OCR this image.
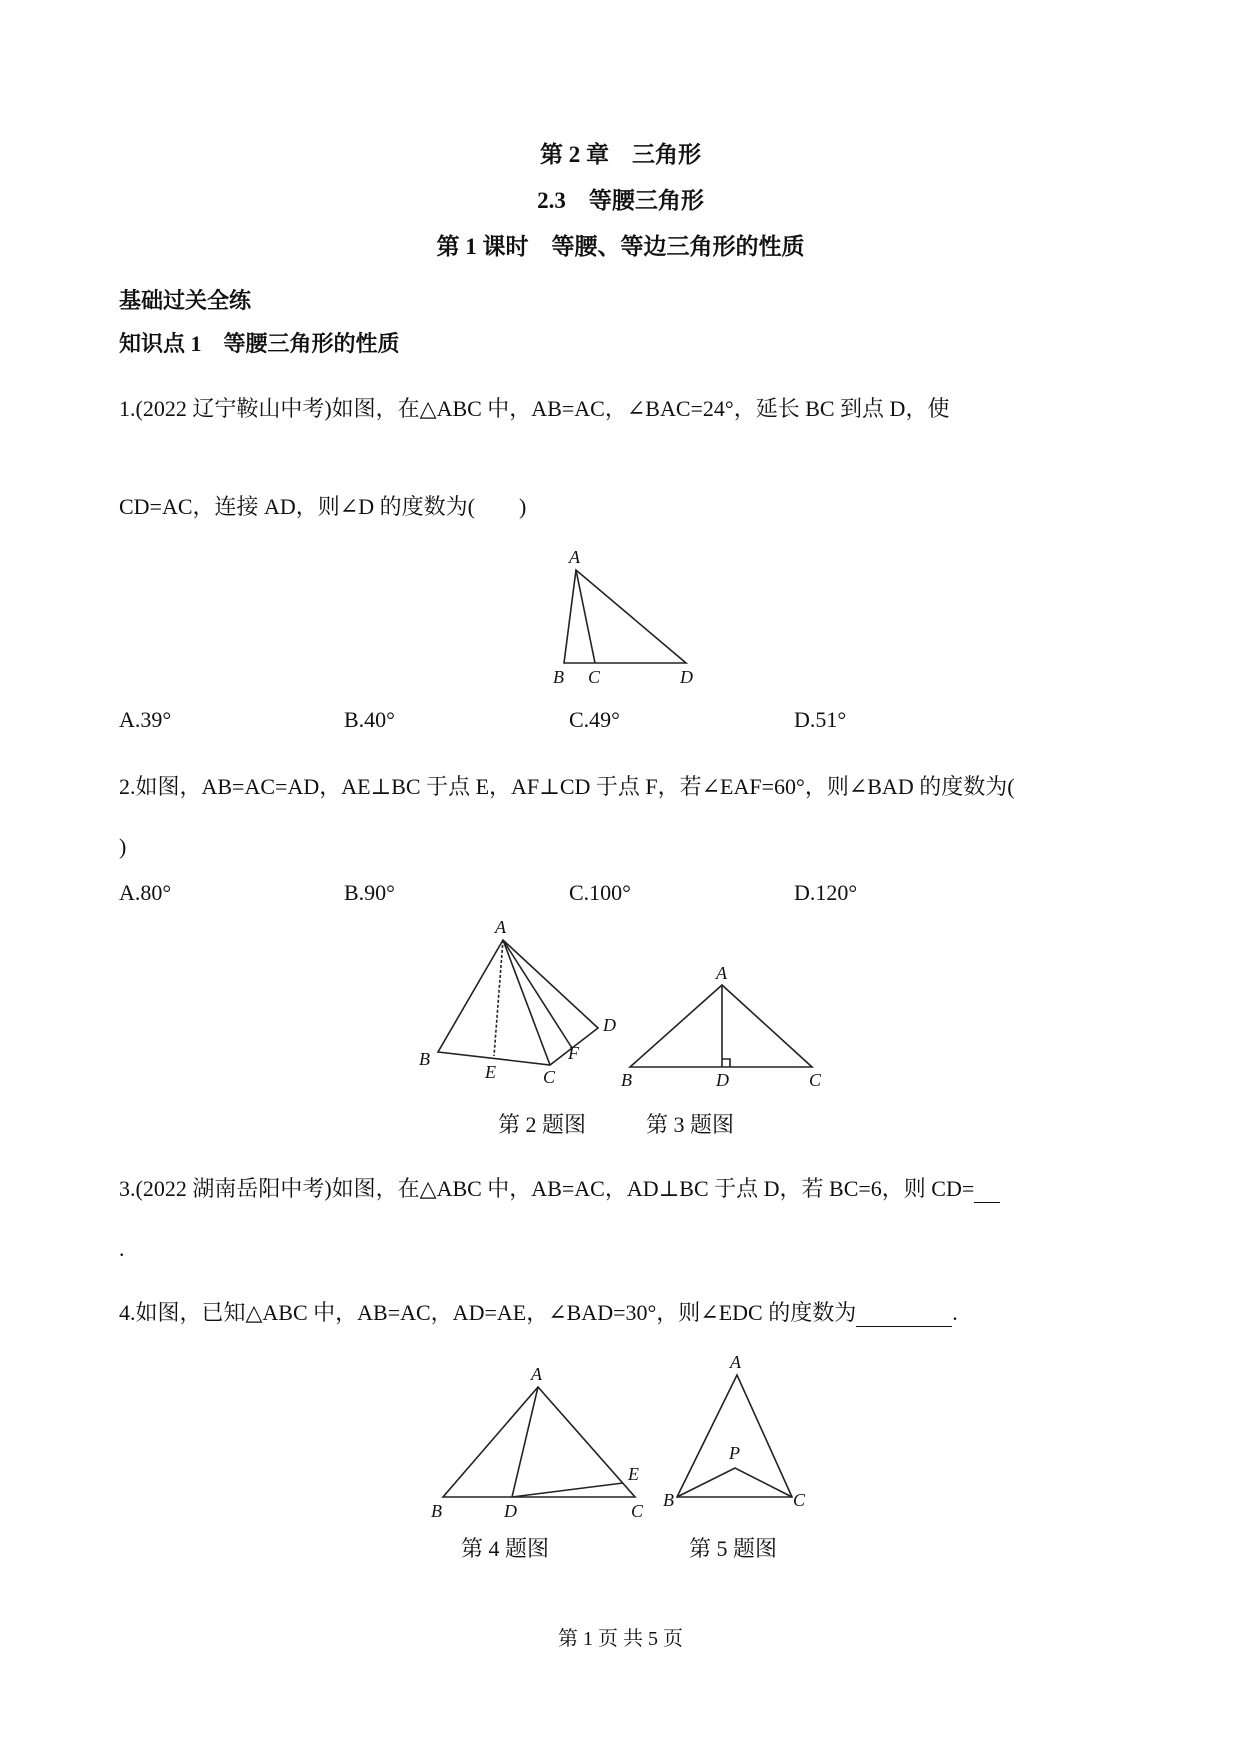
第 2 章　三角形
2.3　等腰三角形
第 1 课时　等腰、等边三角形的性质
基础过关全练
知识点 1　等腰三角形的性质
1.(2022 辽宁鞍山中考)如图，在△ABC 中，AB=AC，∠BAC=24°，延长 BC 到点 D，使
CD=AC，连接 AD，则∠D 的度数为(　　)
A
B C	D
A.39°	B.40°	C.49°	D.51°
2.如图，AB=AC=AD，AE⊥BC 于点 E，AF⊥CD 于点 F，若∠EAF=60°，则∠BAD 的度数为(
)
A.80°	B.90°	C.100°	D.120°
A
B
E	C
F
D
A
B	D	C
第 2 题图	第 3 题图
3.(2022 湖南岳阳中考)如图，在△ABC 中，AB=AC，AD⊥BC 于点 D，若 BC=6，则 CD=
.
4.如图，已知△ABC 中，AB=AC，AD=AE，∠BAD=30°，则∠EDC 的度数为	.
A
B	D
E
C
A
P
B	C
第 4 题图	第 5 题图
第 1 页 共 5 页
